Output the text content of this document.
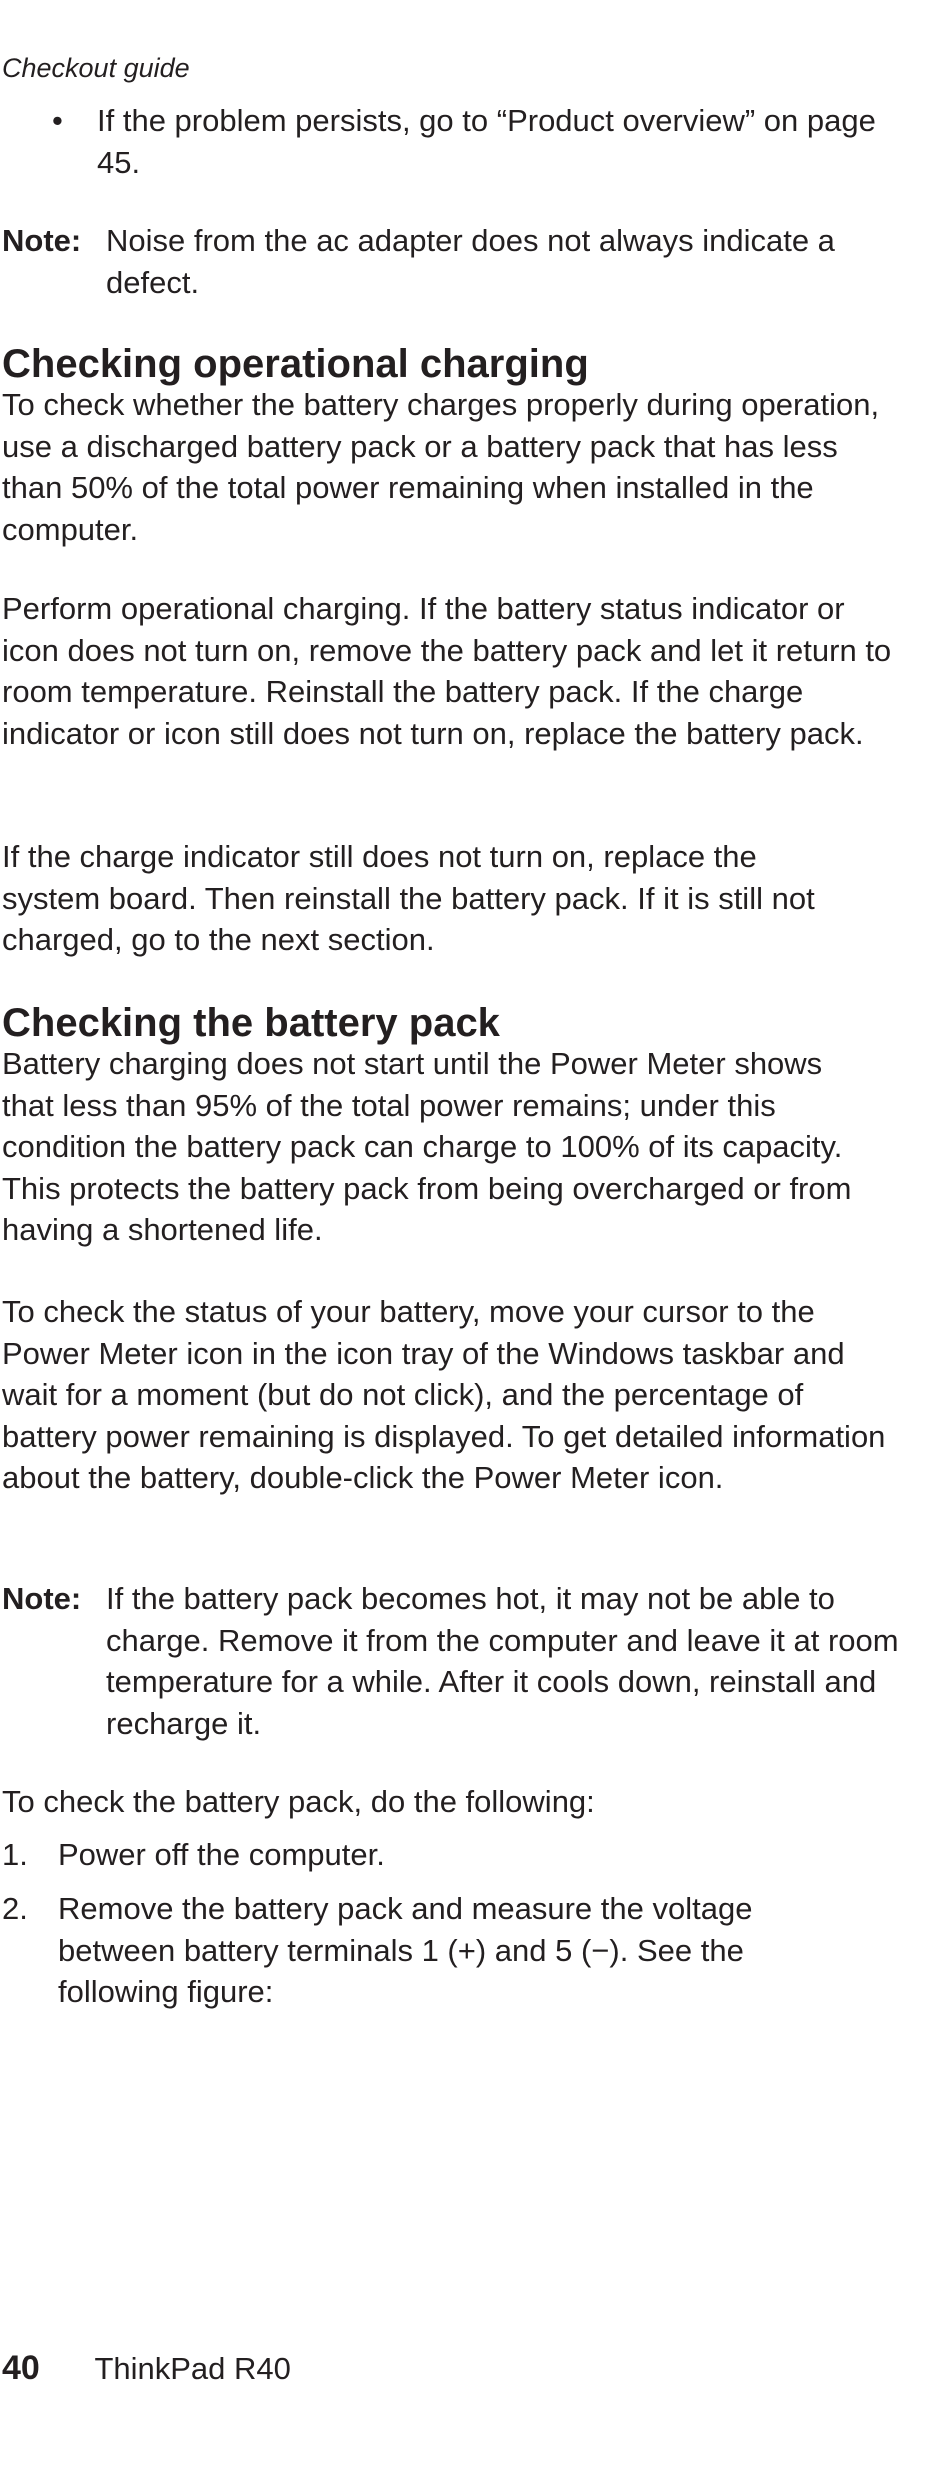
Checkout guide
• If the problem persists, go to “Product overview” on page 45.
Note: Noise from the ac adapter does not always indicate a defect.
Checking operational charging

To check whether the battery charges properly during operation, use a discharged battery pack or a battery pack that has less than 50% of the total power remaining when installed in the computer.

Perform operational charging. If the battery status indicator or icon does not turn on, remove the battery pack and let it return to room temperature. Reinstall the battery pack. If the charge indicator or icon still does not turn on, replace the battery pack.

If the charge indicator still does not turn on, replace the system board. Then reinstall the battery pack. If it is still not charged, go to the next section.

Checking the battery pack

Battery charging does not start until the Power Meter shows that less than 95% of the total power remains; under this condition the battery pack can charge to 100% of its capacity. This protects the battery pack from being overcharged or from having a shortened life.

To check the status of your battery, move your cursor to the Power Meter icon in the icon tray of the Windows taskbar and wait for a moment (but do not click), and the percentage of battery power remaining is displayed. To get detailed information about the battery, double-click the Power Meter icon.

Note: If the battery pack becomes hot, it may not be able to charge. Remove it from the computer and leave it at room temperature for a while. After it cools down, reinstall and recharge it.

To check the battery pack, do the following:

1. Power off the computer.
2. Remove the battery pack and measure the voltage between battery terminals 1 (+) and 5 (−). See the following figure:
40 ThinkPad R40
